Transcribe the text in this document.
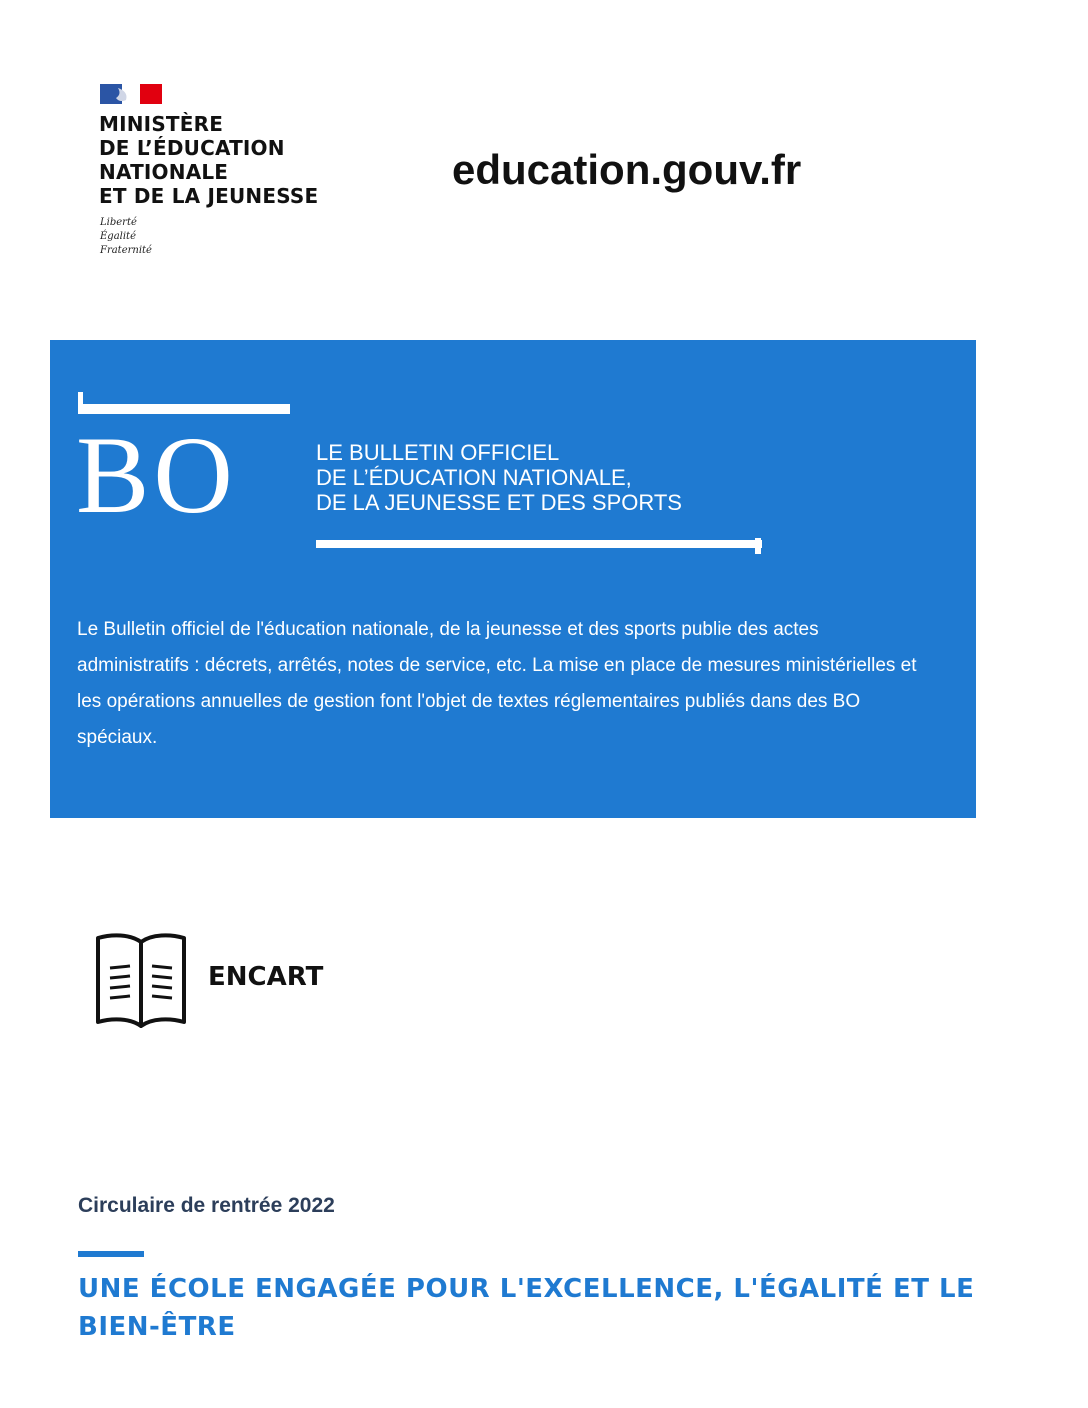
MINISTÈRE
DE L’ÉDUCATION
NATIONALE
ET DE LA JEUNESSE
Liberté
Égalité
Fraternité
education.gouv.fr
BO	LE BULLETIN OFFICIEL
DE L’ÉDUCATION NATIONALE,
DE LA JEUNESSE ET DES SPORTS
Le Bulletin officiel de l'éducation nationale, de la jeunesse et des sports publie des actes administratifs : décrets, arrêtés, notes de service, etc. La mise en place de mesures ministérielles et les opérations annuelles de gestion font l'objet de textes réglementaires publiés dans des BO spéciaux.
ENCART
Circulaire de rentrée 2022
UNE ÉCOLE ENGAGÉE POUR L'EXCELLENCE, L'ÉGALITÉ ET LE BIEN-ÊTRE
